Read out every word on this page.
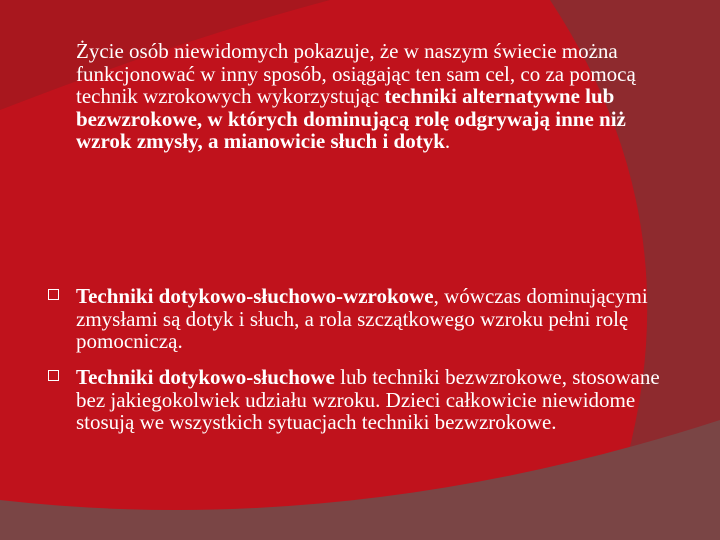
Życie osób niewidomych pokazuje, że w naszym świecie można funkcjonować w inny sposób, osiągając ten sam cel, co za pomocą technik wzrokowych wykorzystując techniki alternatywne lub bezwzrokowe, w których dominującą rolę odgrywają inne niż wzrok zmysły, a mianowicie słuch i dotyk.
Techniki dotykowo-słuchowo-wzrokowe, wówczas dominującymi zmysłami są dotyk i słuch, a rola szczątkowego wzroku pełni rolę pomocniczą.
Techniki dotykowo-słuchowe lub techniki bezwzrokowe, stosowane bez jakiegokolwiek udziału wzroku. Dzieci całkowicie niewidome stosują we wszystkich sytuacjach techniki bezwzrokowe.
